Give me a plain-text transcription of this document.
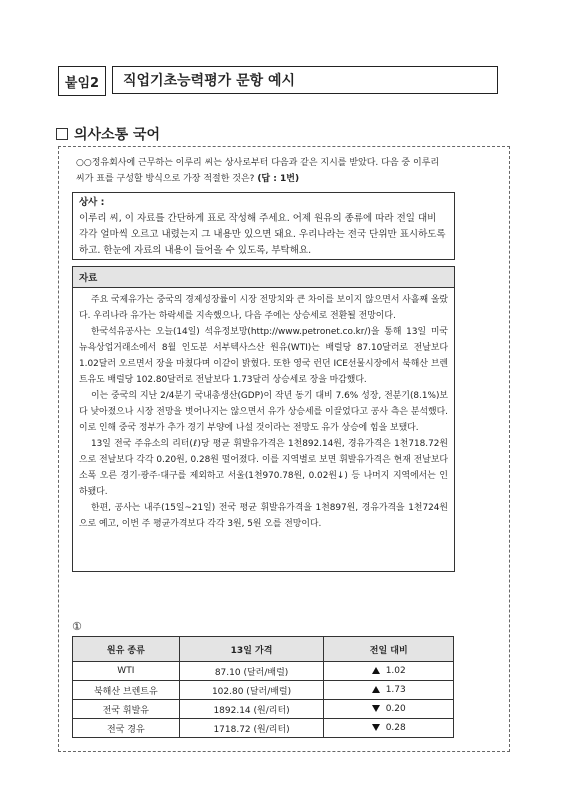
붙임2	직업기초능력평가 문항 예시
의사소통 국어
○○정유회사에 근무하는 이루리 씨는 상사로부터 다음과 같은 지시를 받았다. 다음 중 이루리
씨가 표를 구성할 방식으로 가장 적절한 것은? (답 : 1번)
상사 :
이루리 씨, 이 자료를 간단하게 표로 작성해 주세요. 어제 원유의 종류에 따라 전일 대비 각각 얼마씩 오르고 내렸는지 그 내용만 있으면 돼요. 우리나라는 전국 단위만 표시하도록 하고. 한눈에 자료의 내용이 들어올 수 있도록, 부탁해요.
자료

주요 국제유가는 중국의 경제성장률이 시장 전망치와 큰 차이를 보이지 않으면서 사흘째 올랐다. 우리나라 유가는 하락세를 지속했으나, 다음 주에는 상승세로 전환될 전망이다.

한국석유공사는 오늘(14일) 석유정보망(http://www.petronet.co.kr/)을 통해 13일 미국 뉴욕상업거래소에서 8월 인도분 서부텍사스산 원유(WTI)는 배럴당 87.10달러로 전날보다 1.02달러 오르면서 장을 마쳤다며 이같이 밝혔다. 또한 영국 런던 ICE선물시장에서 북해산 브렌트유도 배럴당 102.80달러로 전날보다 1.73달러 상승세로 장을 마감했다.

이는 중국의 지난 2/4분기 국내총생산(GDP)이 작년 동기 대비 7.6% 성장, 전분기(8.1%)보다 낮아졌으나 시장 전망을 벗어나지는 않으면서 유가 상승세를 이끌었다고 공사 측은 분석했다. 이로 인해 중국 정부가 추가 경기 부양에 나설 것이라는 전망도 유가 상승에 힘을 보탰다.

13일 전국 주유소의 리터(ℓ)당 평균 휘발유가격은 1천892.14원, 경유가격은 1천718.72원으로 전날보다 각각 0.20원, 0.28원 떨어졌다. 이를 지역별로 보면 휘발유가격은 현재 전날보다 소폭 오른 경기·광주·대구를 제외하고 서울(1천970.78원, 0.02원↓) 등 나머지 지역에서는 인하됐다.

한편, 공사는 내주(15일~21일) 전국 평균 휘발유가격을 1천897원, 경유가격을 1천724원으로 예고, 이번 주 평균가격보다 각각 3원, 5원 오를 전망이다.

①
원유 종류	13일 가격	전일 대비
WTI	87.10 (달러/배럴)	1.02
북해산 브렌트유	102.80 (달러/배럴)	1.73
전국 휘발유	1892.14 (원/리터)	0.20
전국 경유	1718.72 (원/리터)	0.28
